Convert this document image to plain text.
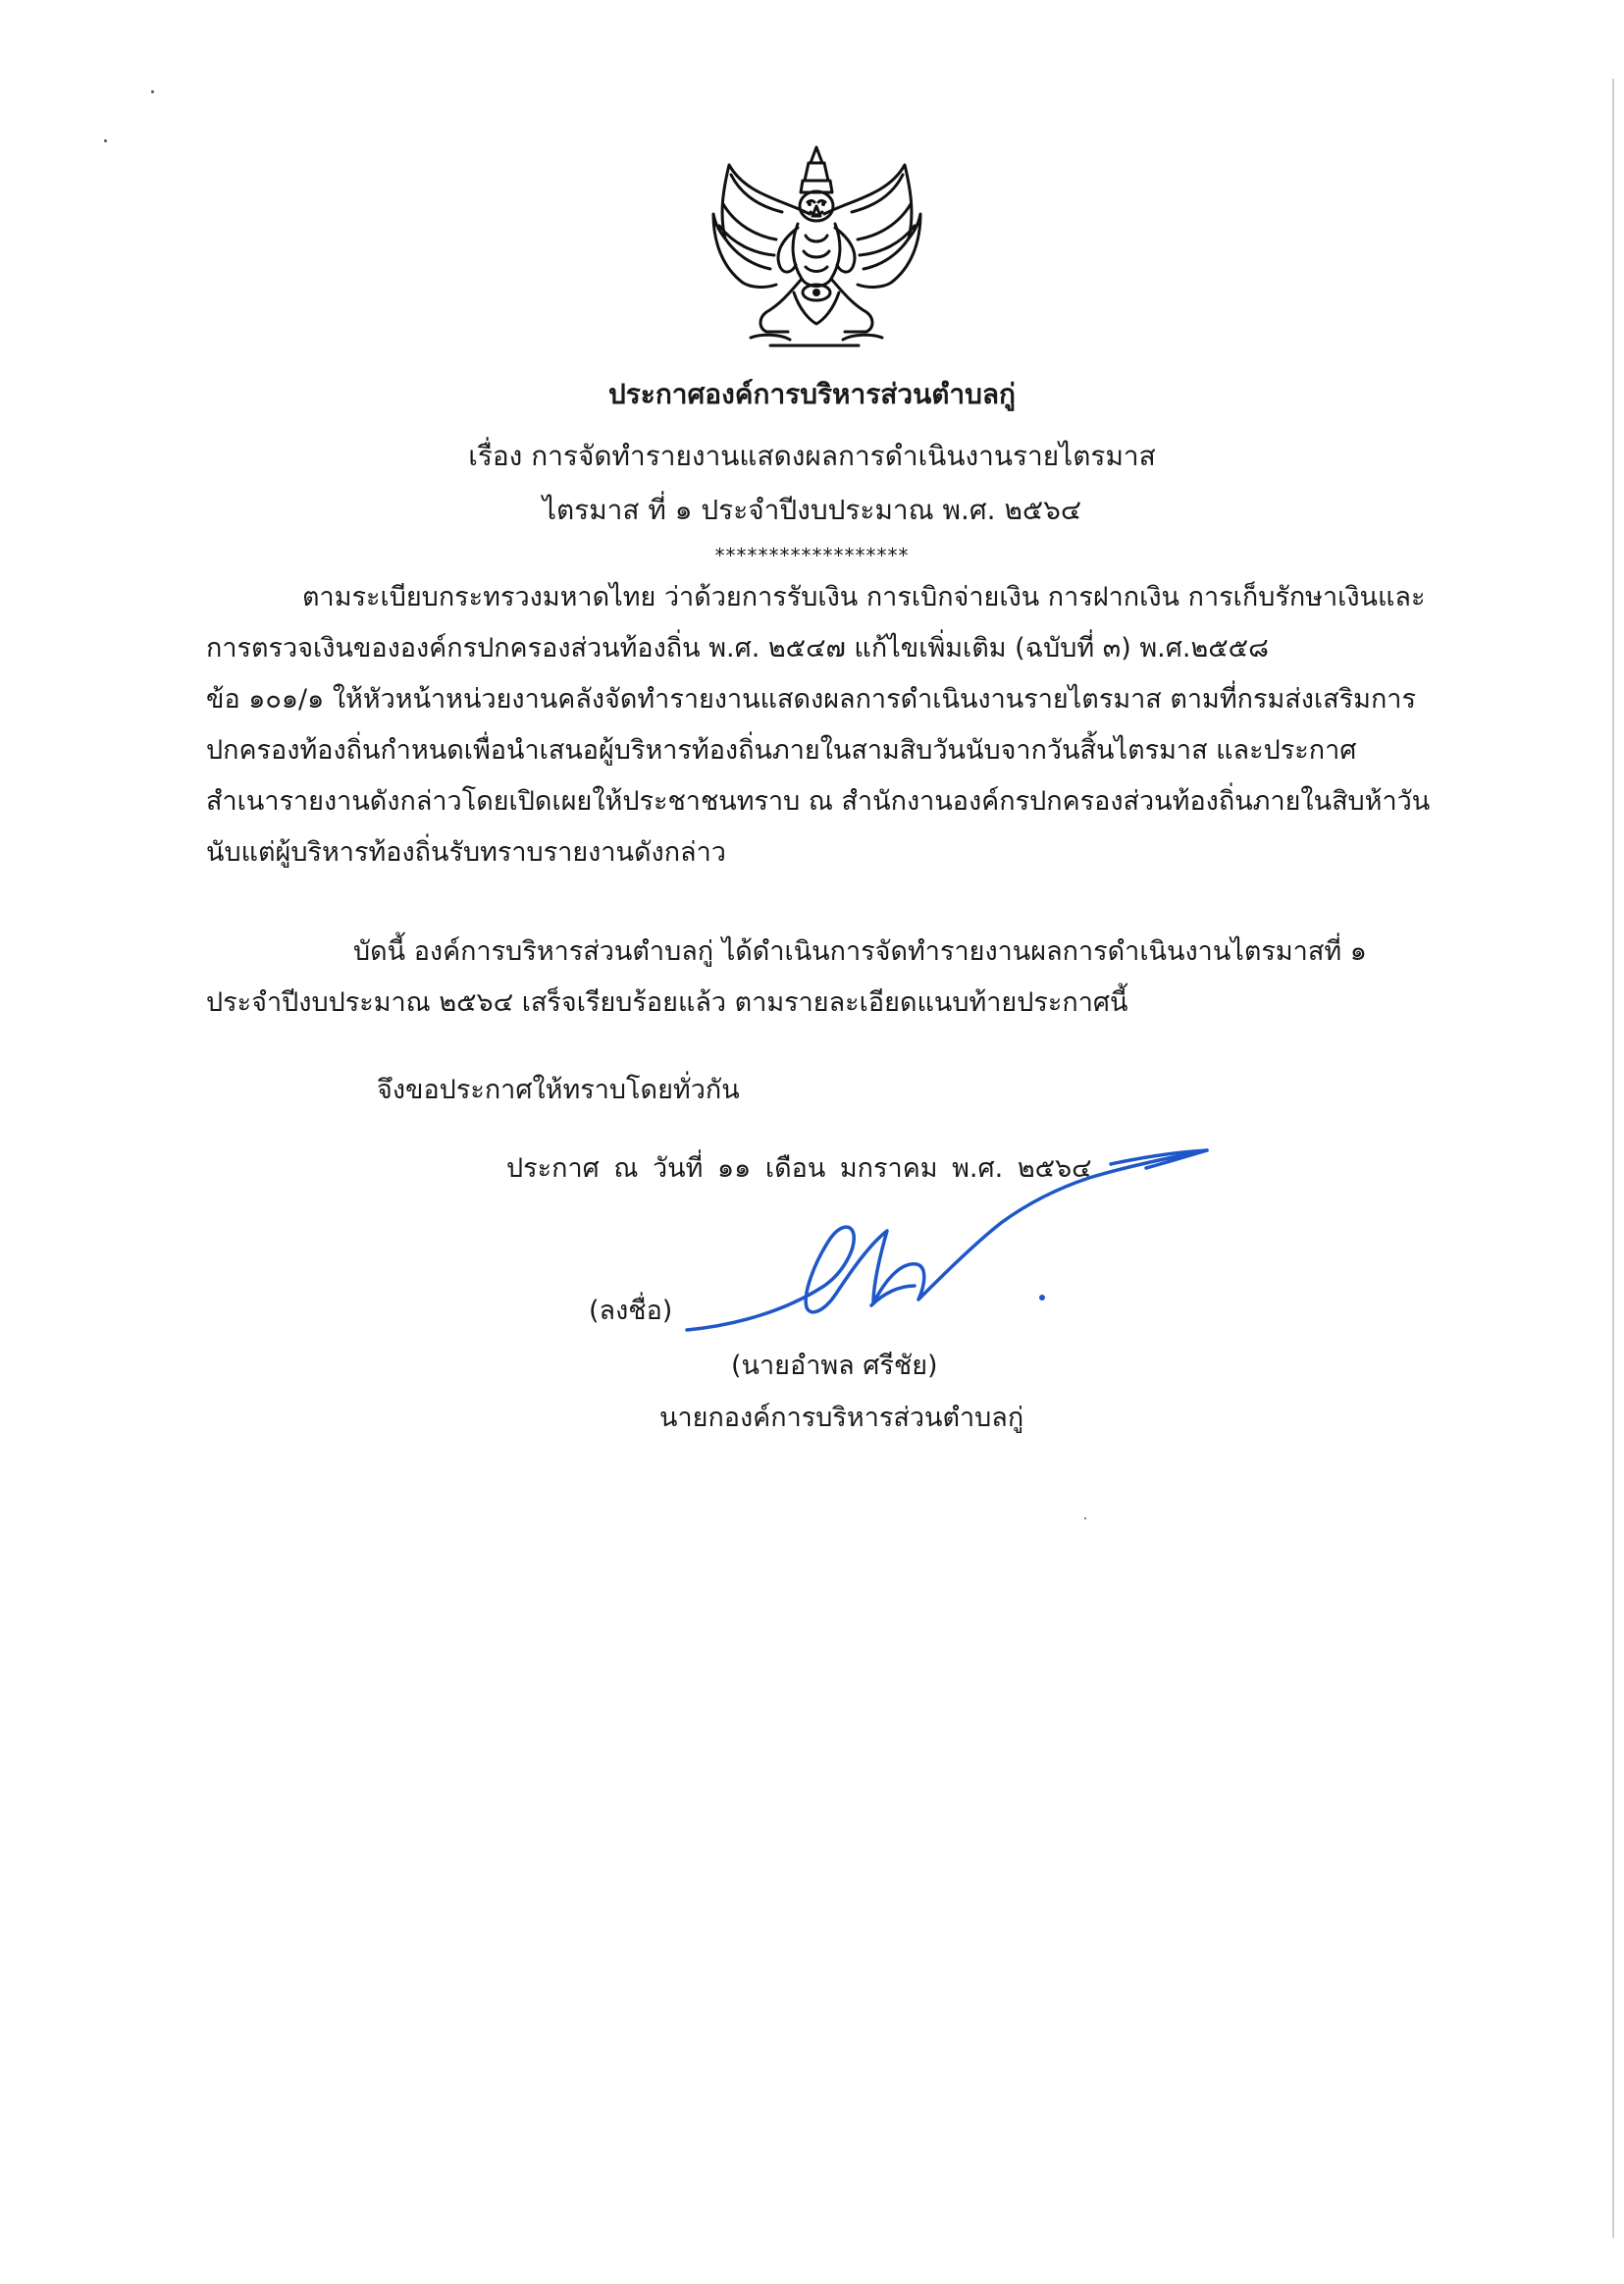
ประกาศองค์การบริหารส่วนตำบลกู่
เรื่อง การจัดทำรายงานแสดงผลการดำเนินงานรายไตรมาส
ไตรมาส ที่ ๑ ประจำปีงบประมาณ พ.ศ. ๒๕๖๔
******************
ตามระเบียบกระทรวงมหาดไทย ว่าด้วยการรับเงิน การเบิกจ่ายเงิน การฝากเงิน การเก็บรักษาเงินและ
การตรวจเงินขององค์กรปกครองส่วนท้องถิ่น พ.ศ. ๒๕๔๗ แก้ไขเพิ่มเติม (ฉบับที่ ๓) พ.ศ.๒๕๕๘
ข้อ ๑๐๑/๑ ให้หัวหน้าหน่วยงานคลังจัดทำรายงานแสดงผลการดำเนินงานรายไตรมาส ตามที่กรมส่งเสริมการ
ปกครองท้องถิ่นกำหนดเพื่อนำเสนอผู้บริหารท้องถิ่นภายในสามสิบวันนับจากวันสิ้นไตรมาส และประกาศ
สำเนารายงานดังกล่าวโดยเปิดเผยให้ประชาชนทราบ ณ สำนักงานองค์กรปกครองส่วนท้องถิ่นภายในสิบห้าวัน
นับแต่ผู้บริหารท้องถิ่นรับทราบรายงานดังกล่าว
บัดนี้ องค์การบริหารส่วนตำบลกู่ ได้ดำเนินการจัดทำรายงานผลการดำเนินงานไตรมาสที่ ๑
ประจำปีงบประมาณ ๒๕๖๔ เสร็จเรียบร้อยแล้ว ตามรายละเอียดแนบท้ายประกาศนี้
จึงขอประกาศให้ทราบโดยทั่วกัน
ประกาศ ณ วันที่ ๑๑ เดือน มกราคม พ.ศ. ๒๕๖๔
(ลงชื่อ)
(นายอำพล ศรีชัย)
นายกองค์การบริหารส่วนตำบลกู่
